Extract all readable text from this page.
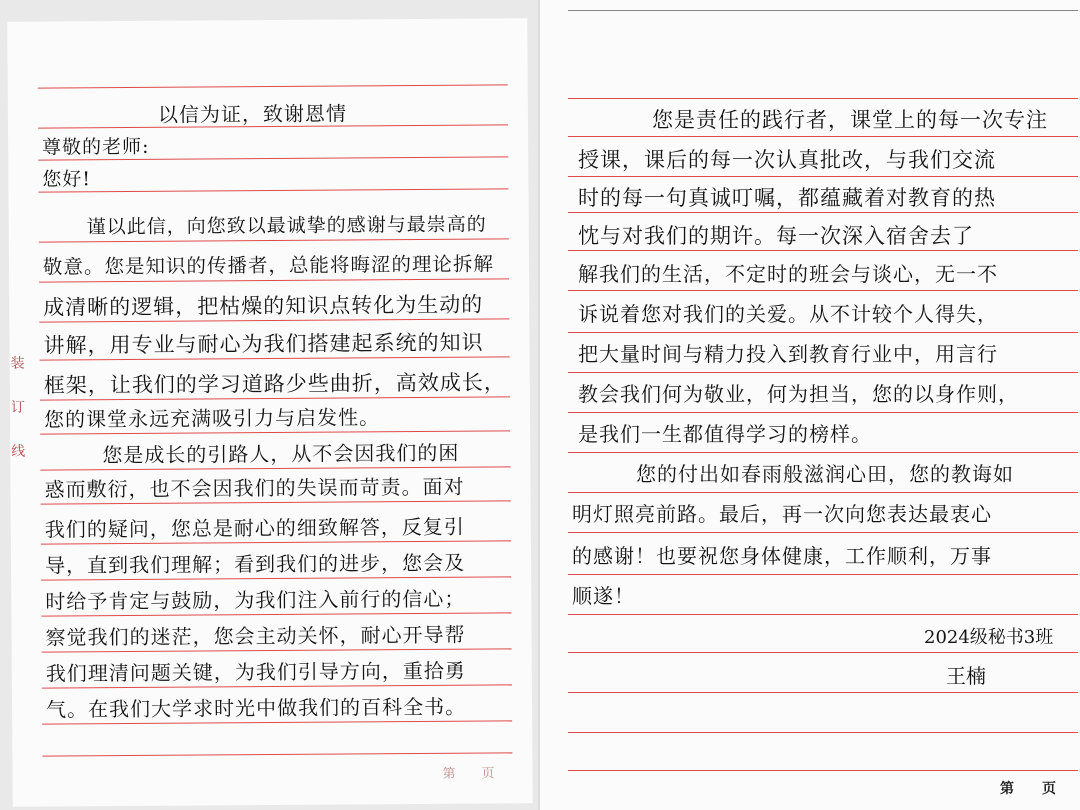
装
订
线
以信为证，致谢恩情
尊敬的老师:
您好!
谨以此信，向您致以最诚挚的感谢与最崇高的
敬意。您是知识的传播者，总能将晦涩的理论拆解
成清晰的逻辑，把枯燥的知识点转化为生动的
讲解，用专业与耐心为我们搭建起系统的知识
框架，让我们的学习道路少些曲折，高效成长，
您的课堂永远充满吸引力与启发性。
您是成长的引路人，从不会因我们的困
惑而敷衍，也不会因我们的失误而苛责。面对
我们的疑问，您总是耐心的细致解答，反复引
导，直到我们理解；看到我们的进步，您会及
时给予肯定与鼓励，为我们注入前行的信心；
察觉我们的迷茫，您会主动关怀，耐心开导帮
我们理清问题关键，为我们引导方向，重拾勇
气。在我们大学求时光中做我们的百科全书。
第　　页
您是责任的践行者，课堂上的每一次专注
授课，课后的每一次认真批改，与我们交流
时的每一句真诚叮嘱，都蕴藏着对教育的热
忱与对我们的期许。每一次深入宿舍去了
解我们的生活，不定时的班会与谈心，无一不
诉说着您对我们的关爱。从不计较个人得失，
把大量时间与精力投入到教育行业中，用言行
教会我们何为敬业，何为担当，您的以身作则，
是我们一生都值得学习的榜样。
您的付出如春雨般滋润心田，您的教诲如
明灯照亮前路。最后，再一次向您表达最衷心
的感谢！也要祝您身体健康，工作顺利，万事
顺遂！
2024级秘书3班
王楠
第　　页
